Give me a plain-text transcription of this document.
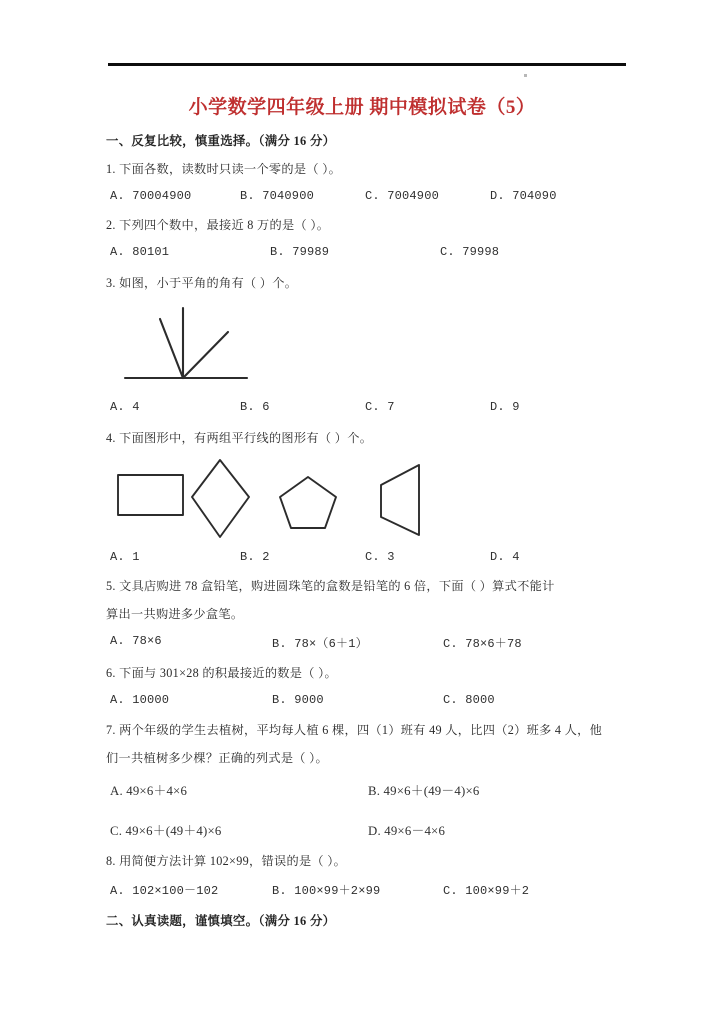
小学数学四年级上册 期中模拟试卷（5）
一、反复比较，慎重选择。（满分 16 分）
1. 下面各数，读数时只读一个零的是（ ）。
A. 70004900	B. 7040900	C. 7004900	D. 704090
2. 下列四个数中，最接近 8 万的是（ ）。
A. 80101	B. 79989	C. 79998
3. 如图，小于平角的角有（ ）个。
A. 4	B. 6	C. 7	D. 9
4. 下面图形中，有两组平行线的图形有（ ）个。
A. 1	B. 2	C. 3	D. 4
5. 文具店购进 78 盒铅笔，购进圆珠笔的盒数是铅笔的 6 倍，下面（ ）算式不能计
算出一共购进多少盒笔。
A. 78×6	B. 78×（6＋1）	C. 78×6＋78
6. 下面与 301×28 的积最接近的数是（ ）。
A. 10000	B. 9000	C. 8000
7. 两个年级的学生去植树，平均每人植 6 棵，四（1）班有 49 人，比四（2）班多 4 人，他
们一共植树多少棵？正确的列式是（ ）。
A. 49×6＋4×6	B. 49×6＋(49－4)×6
C. 49×6＋(49＋4)×6	D. 49×6－4×6
8. 用简便方法计算 102×99，错误的是（ ）。
A. 102×100－102	B. 100×99＋2×99	C. 100×99＋2
二、认真读题，谨慎填空。（满分 16 分）
